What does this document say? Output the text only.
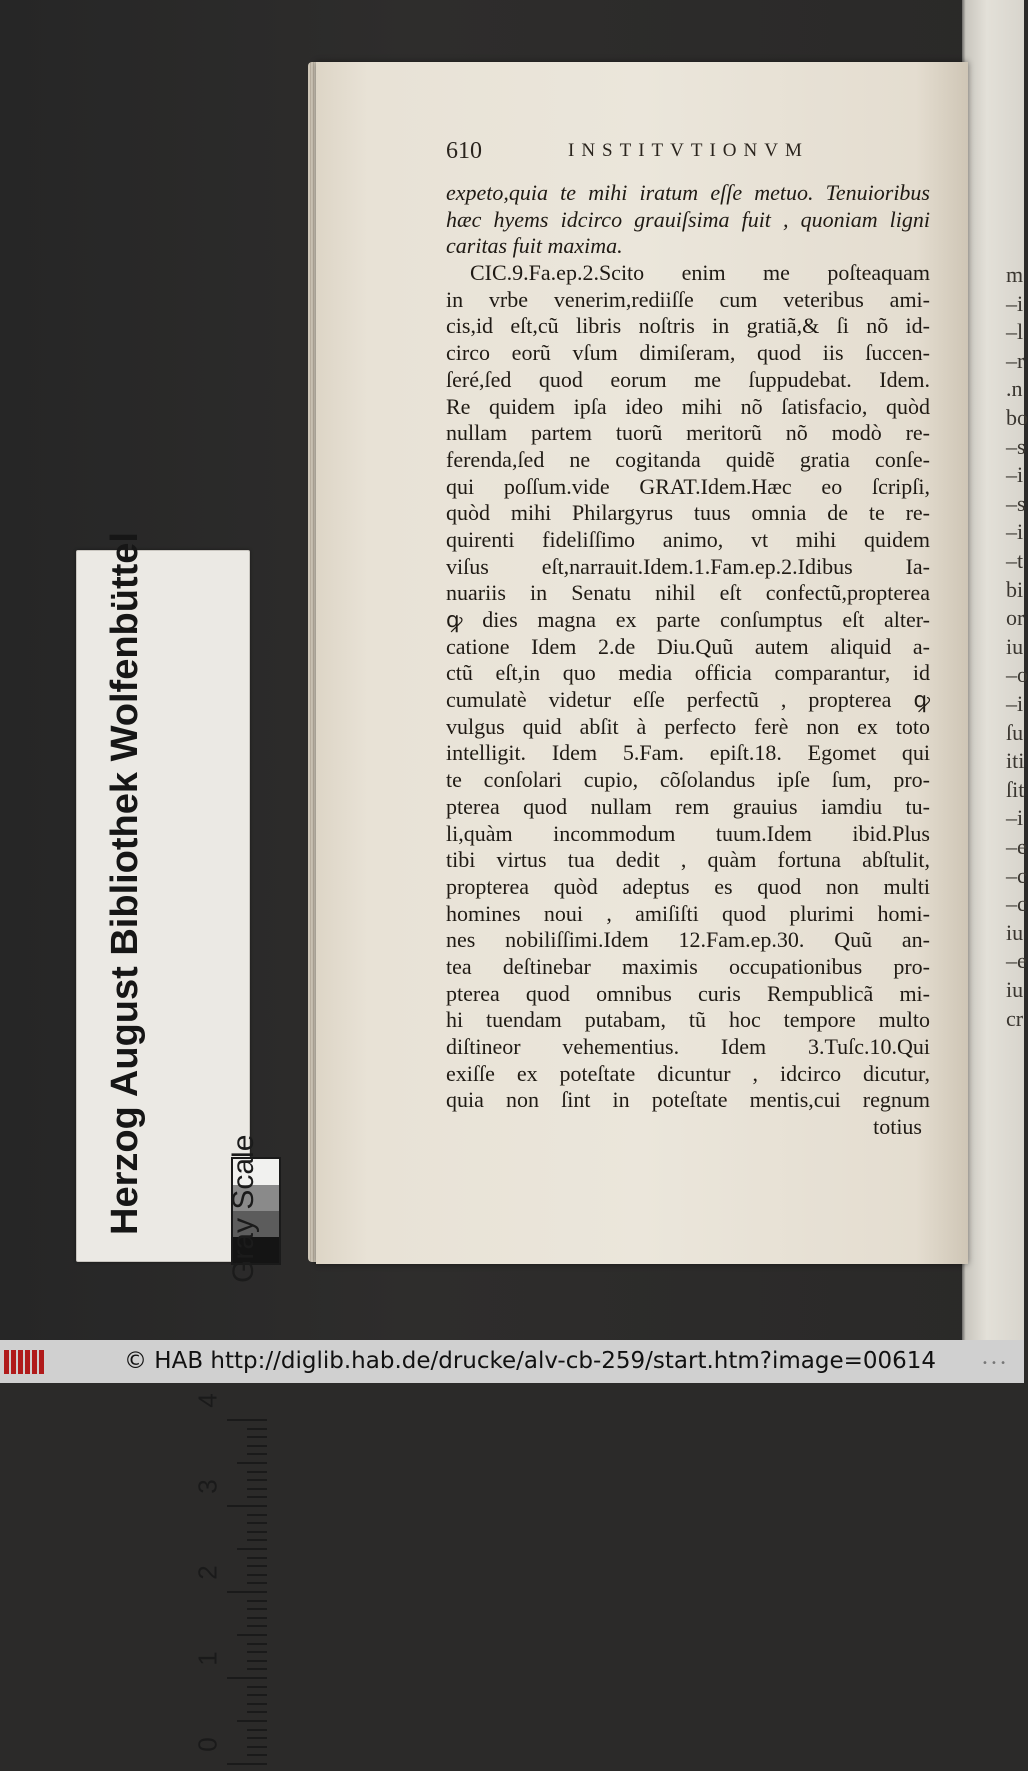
m
–i
–l
–r
.n
bo
–s
–i
–s
–i
–t
bi
or
iu
–o
–i
ſu
iti
ſit
–i
–e
–c
–c
iu
–e
iu
cr
610	INSTITVTIONVM
expeto,quia te mihi iratum eſſe metuo. Tenuioribus
hæc hyems idcirco grauiſsima fuit , quoniam ligni
caritas fuit maxima.
CIC.9.Fa.ep.2.Scito enim me poſteaquam
in vrbe venerim,rediiſſe cum veteribus ami-
cis,id eſt,cũ libris noſtris in gratiã,& ſi nõ id-
circo eorũ vſum dimiſeram, quod iis ſuccen-
ſeré,ſed quod eorum me ſuppudebat. Idem.
Re quidem ipſa ideo mihi nõ ſatisfacio, quòd
nullam partem tuorũ meritorũ nõ modò re-
ferenda,ſed ne cogitanda quidẽ gratia conſe-
qui poſſum.vide GRAT.Idem.Hæc eo ſcripſi,
quòd mihi Philargyrus tuus omnia de te re-
quirenti fideliſſimo animo, vt mihi quidem
viſus eſt,narrauit.Idem.1.Fam.ep.2.Idibus Ia-
nuariis in Senatu nihil eſt confectũ,propterea
ꝙ dies magna ex parte conſumptus eſt alter-
catione Idem 2.de Diu.Quũ autem aliquid a-
ctũ eſt,in quo media officia comparantur, id
cumulatè videtur eſſe perfectũ , propterea ꝙ
vulgus quid abſit à perfecto ferè non ex toto
intelligit. Idem 5.Fam. epiſt.18. Egomet qui
te conſolari cupio, cõſolandus ipſe ſum, pro-
pterea quod nullam rem grauius iamdiu tu-
li,quàm incommodum tuum.Idem ibid.Plus
tibi virtus tua dedit , quàm fortuna abſtulit,
propterea quòd adeptus es quod non multi
homines noui , amiſiſti quod plurimi homi-
nes nobiliſſimi.Idem 12.Fam.ep.30. Quũ an-
tea deſtinebar maximis occupationibus pro-
pterea quod omnibus curis Rempublicã mi-
hi tuendam putabam, tũ hoc tempore multo
diſtineor vehementius. Idem 3.Tuſc.10.Qui
exiſſe ex poteſtate dicuntur , idcirco dicutur,
quia non ſint in poteſtate mentis,cui regnum
totius
Herzog August Bibliothek Wolfenbüttel	Gray Scale
0
1
2
3
4
© HAB http://diglib.hab.de/drucke/alv-cb-259/start.htm?image=00614	• • •
